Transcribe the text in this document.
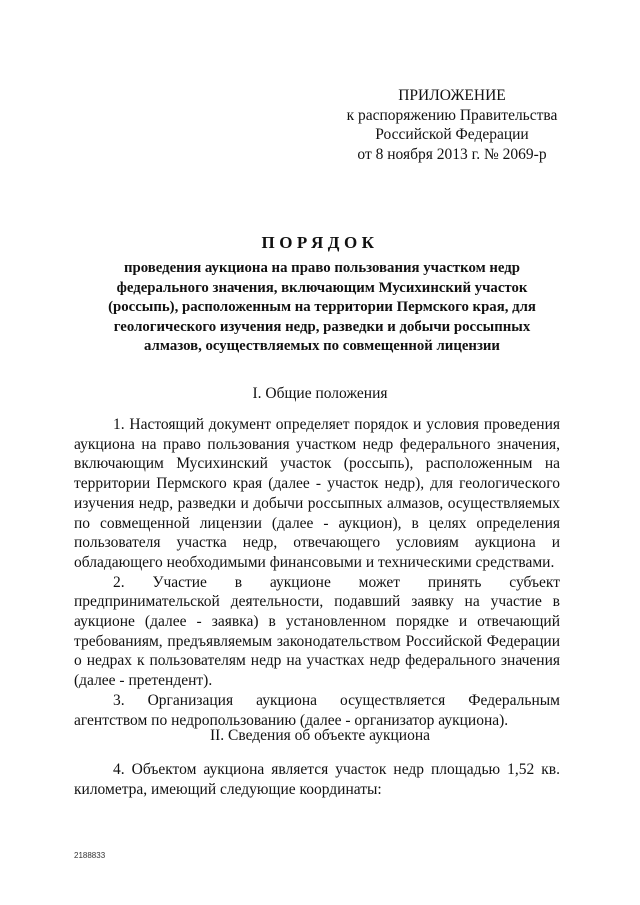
ПРИЛОЖЕНИЕ
к распоряжению Правительства
Российской Федерации
от 8 ноября 2013 г. № 2069-р
ПОРЯДОК
проведения аукциона на право пользования участком недр
федерального значения, включающим Мусихинский участок
(россыпь), расположенным на территории Пермского края, для
геологического изучения недр, разведки и добычи россыпных
алмазов, осуществляемых по совмещенной лицензии
I. Общие положения

1. Настоящий документ определяет порядок и условия проведения аукциона на право пользования участком недр федерального значения, включающим Мусихинский участок (россыпь), расположенным на территории Пермского края (далее - участок недр), для геологического изучения недр, разведки и добычи россыпных алмазов, осуществляемых по совмещенной лицензии (далее - аукцион), в целях определения пользователя участка недр, отвечающего условиям аукциона и обладающего необходимыми финансовыми и техническими средствами.

2. Участие в аукционе может принять субъект предпринимательской деятельности, подавший заявку на участие в аукционе (далее - заявка) в установленном порядке и отвечающий требованиям, предъявляемым законодательством Российской Федерации о недрах к пользователям недр на участках недр федерального значения (далее - претендент).

3. Организация аукциона осуществляется Федеральным агентством по недропользованию (далее - организатор аукциона).

II. Сведения об объекте аукциона

4. Объектом аукциона является участок недр площадью 1,52 кв. километра, имеющий следующие координаты:

2188833
